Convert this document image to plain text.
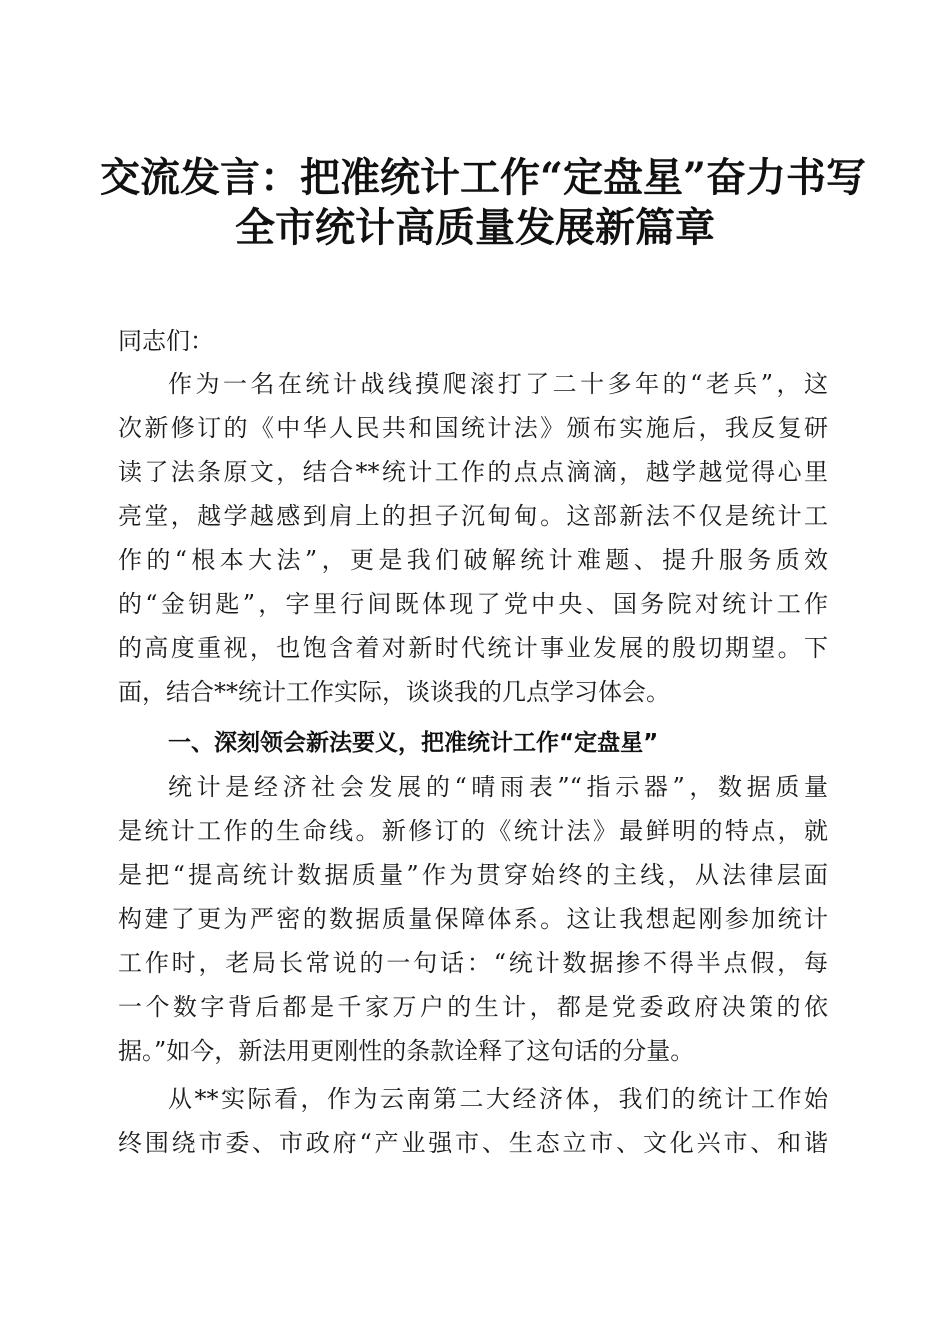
交流发言：把准统计工作“定盘星”奋力书写
全市统计高质量发展新篇章
同志们：
作为一名在统计战线摸爬滚打了二十多年的“老兵”，这
次新修订的《中华人民共和国统计法》颁布实施后，我反复研
读了法条原文，结合**统计工作的点点滴滴，越学越觉得心里
亮堂，越学越感到肩上的担子沉甸甸。这部新法不仅是统计工
作的“根本大法”，更是我们破解统计难题、提升服务质效
的“金钥匙”，字里行间既体现了党中央、国务院对统计工作
的高度重视，也饱含着对新时代统计事业发展的殷切期望。下
面，结合**统计工作实际，谈谈我的几点学习体会。
一、深刻领会新法要义，把准统计工作“定盘星”
统计是经济社会发展的“晴雨表”“指示器”，数据质量
是统计工作的生命线。新修订的《统计法》最鲜明的特点，就
是把“提高统计数据质量”作为贯穿始终的主线，从法律层面
构建了更为严密的数据质量保障体系。这让我想起刚参加统计
工作时，老局长常说的一句话：“统计数据掺不得半点假，每
一个数字背后都是千家万户的生计，都是党委政府决策的依
据。”如今，新法用更刚性的条款诠释了这句话的分量。
从**实际看，作为云南第二大经济体，我们的统计工作始
终围绕市委、市政府“产业强市、生态立市、文化兴市、和谐
